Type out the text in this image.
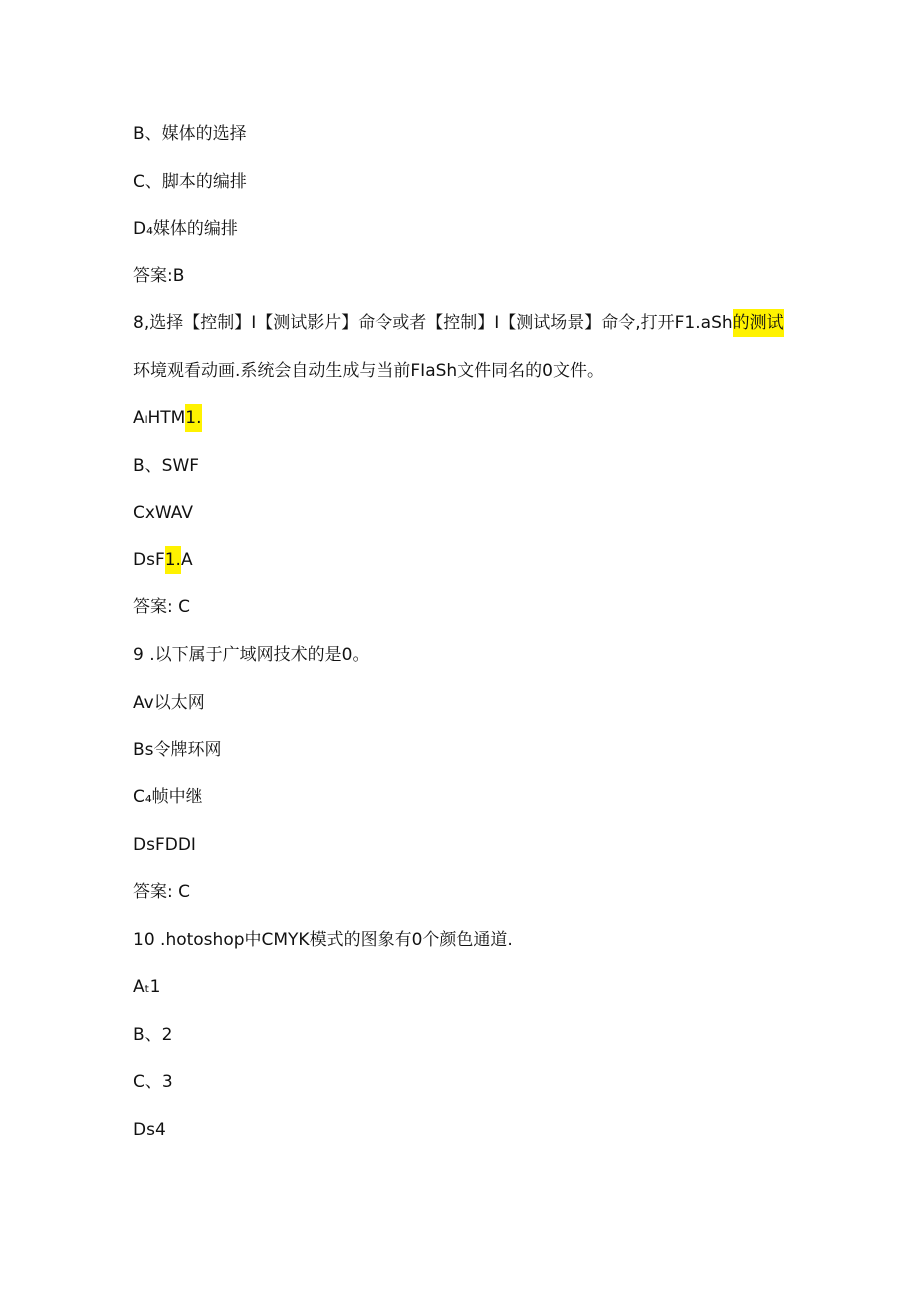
B、媒体的选择
C、脚本的编排
D₄媒体的编排
答案:B
8,选择【控制】I【测试影片】命令或者【控制】I【测试场景】命令,打开F1.aSh的测试
环境观看动画.系统会自动生成与当前FIaSh文件同名的0文件。
AₗHTM1.
B、SWF
CxWAV
DsF1.A
答案: C
9 .以下属于广域网技术的是0。
Av以太网
Bs令牌环网
C₄帧中继
DsFDDI
答案: C
10 .hotoshop中CMYK模式的图象有0个颜色通道.
Aₜ1
B、2
C、3
Ds4
